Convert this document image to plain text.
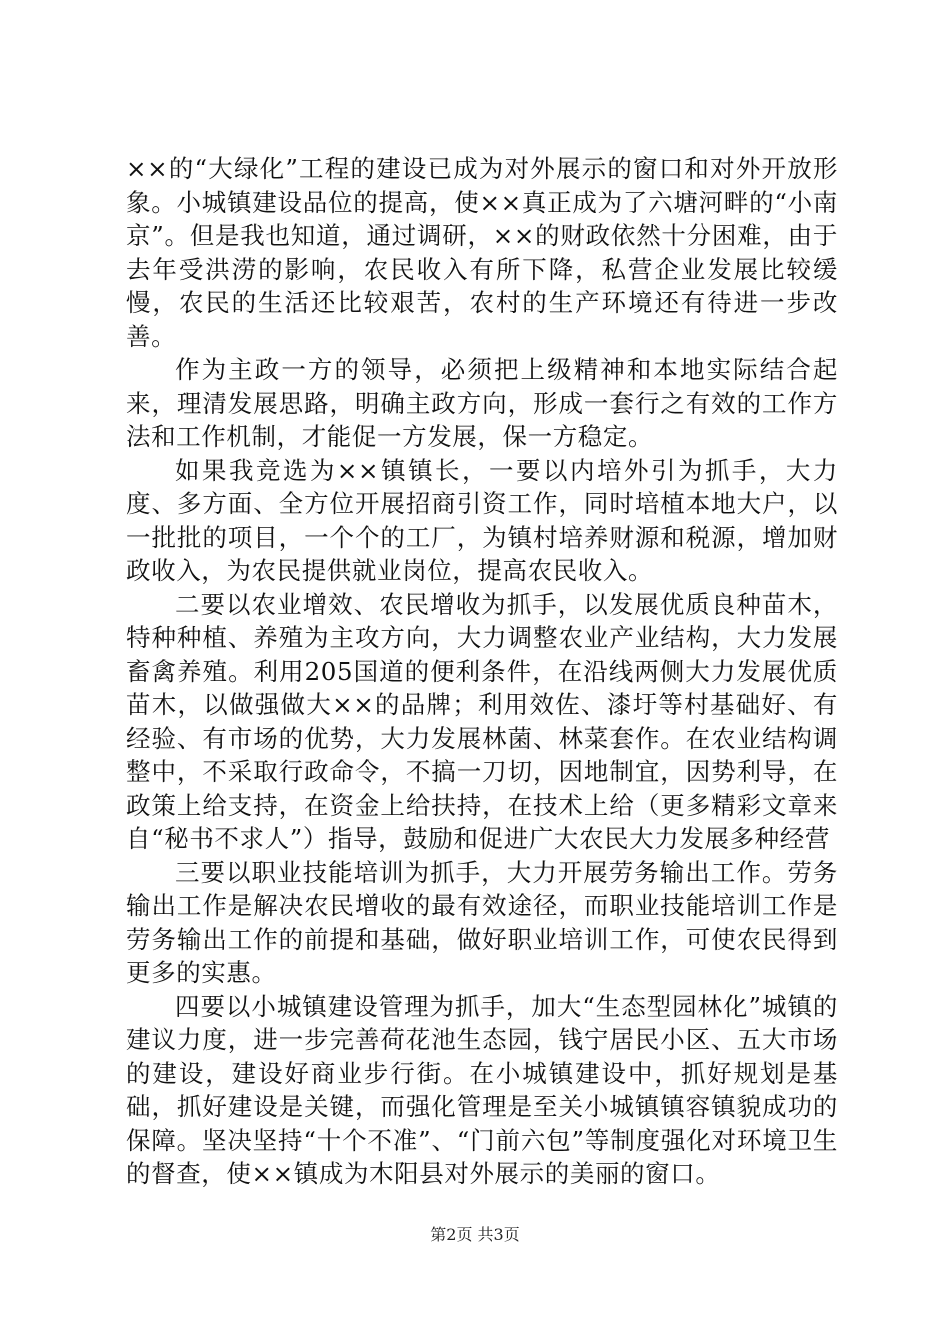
××的“大绿化”工程的建设已成为对外展示的窗口和对外开放形象。小城镇建设品位的提高，使××真正成为了六塘河畔的“小南京”。但是我也知道，通过调研，××的财政依然十分困难，由于去年受洪涝的影响，农民收入有所下降，私营企业发展比较缓慢，农民的生活还比较艰苦，农村的生产环境还有待进一步改善。

作为主政一方的领导，必须把上级精神和本地实际结合起来，理清发展思路，明确主政方向，形成一套行之有效的工作方法和工作机制，才能促一方发展，保一方稳定。

如果我竞选为××镇镇长，一要以内培外引为抓手，大力度、多方面、全方位开展招商引资工作，同时培植本地大户，以一批批的项目，一个个的工厂，为镇村培养财源和税源，增加财政收入，为农民提供就业岗位，提高农民收入。

二要以农业增效、农民增收为抓手，以发展优质良种苗木，特种种植、养殖为主攻方向，大力调整农业产业结构，大力发展畜禽养殖。利用205国道的便利条件，在沿线两侧大力发展优质苗木，以做强做大××的品牌；利用效佐、漆圩等村基础好、有经验、有市场的优势，大力发展林菌、林菜套作。在农业结构调整中，不采取行政命令，不搞一刀切，因地制宜，因势利导，在政策上给支持，在资金上给扶持，在技术上给（更多精彩文章来自“秘书不求人”）指导，鼓励和促进广大农民大力发展多种经营

三要以职业技能培训为抓手，大力开展劳务输出工作。劳务输出工作是解决农民增收的最有效途径，而职业技能培训工作是劳务输出工作的前提和基础，做好职业培训工作，可使农民得到更多的实惠。

四要以小城镇建设管理为抓手，加大“生态型园林化”城镇的建议力度，进一步完善荷花池生态园，钱宁居民小区、五大市场的建设，建设好商业步行街。在小城镇建设中，抓好规划是基础，抓好建设是关键，而强化管理是至关小城镇镇容镇貌成功的保障。坚决坚持“十个不准”、“门前六包”等制度强化对环境卫生的督查，使××镇成为木阳县对外展示的美丽的窗口。

第2页 共3页
